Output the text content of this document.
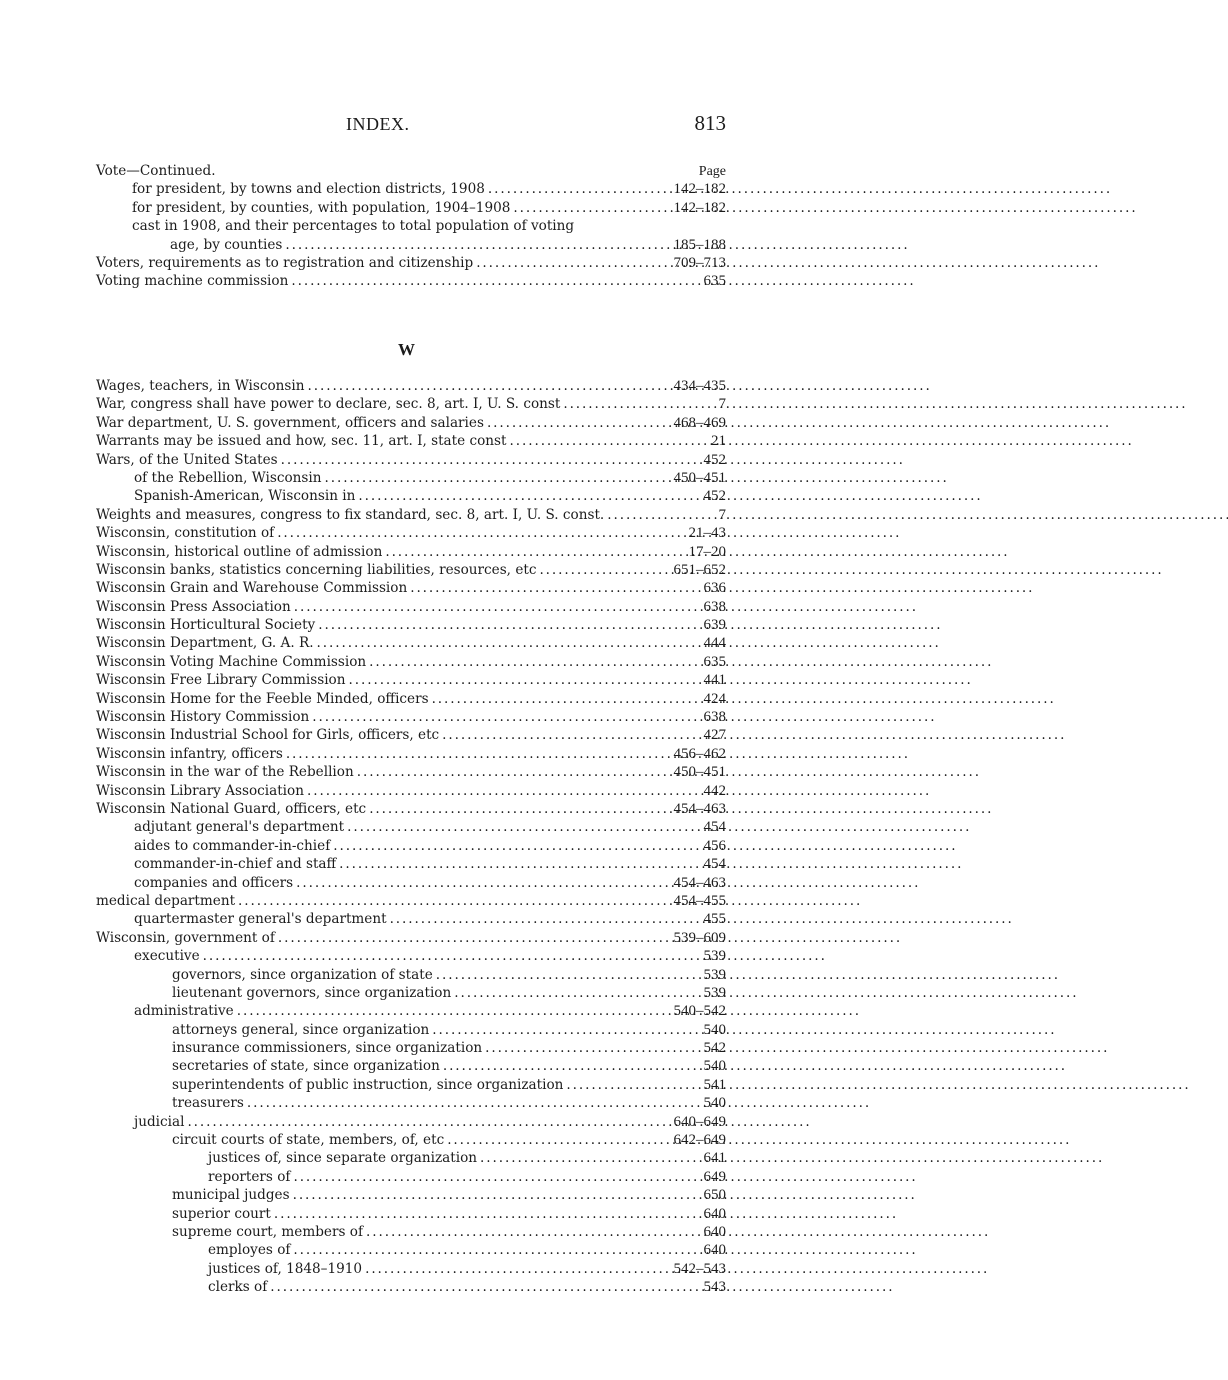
INDEX.	813
Vote—Continued.	Page
for president, by towns and election districts, 1908 . . .	142–182
for president, by counties, with population, 1904–1908 . . .	142–182
cast in 1908, and their percentages to total population of voting
age, by counties . . .	185–188
Voters, requirements as to registration and citizenship . . .	709–713
Voting machine commission . . .	635
W
Wages, teachers, in Wisconsin . . .	434–435
War, congress shall have power to declare, sec. 8, art. I, U. S. const . . .	7
War department, U. S. government, officers and salaries . . .	468–469
Warrants may be issued and how, sec. 11, art. I, state const . . .	21
Wars, of the United States . . .	452
of the Rebellion, Wisconsin . . .	450–451
Spanish-American, Wisconsin in . . .	452
Weights and measures, congress to fix standard, sec. 8, art. I, U. S. const. . . .	7
Wisconsin, constitution of . . .	21–43
Wisconsin, historical outline of admission . . .	17–20
Wisconsin banks, statistics concerning liabilities, resources, etc . . .	651–652
Wisconsin Grain and Warehouse Commission . . .	636
Wisconsin Press Association . . .	638
Wisconsin Horticultural Society . . .	639
Wisconsin Department, G. A. R. . . .	444
Wisconsin Voting Machine Commission . . .	635
Wisconsin Free Library Commission . . .	441
Wisconsin Home for the Feeble Minded, officers . . .	424
Wisconsin History Commission . . .	638
Wisconsin Industrial School for Girls, officers, etc . . .	427
Wisconsin infantry, officers . . .	456–462
Wisconsin in the war of the Rebellion . . .	450–451
Wisconsin Library Association . . .	442
Wisconsin National Guard, officers, etc . . .	454–463
adjutant general's department . . .	454
aides to commander-in-chief . . .	456
commander-in-chief and staff . . .	454
companies and officers . . .	454–463
medical department . . .	454–455
quartermaster general's department . . .	455
Wisconsin, government of . . .	539–609
executive . . .	539
governors, since organization of state . . .	539
lieutenant governors, since organization . . .	539
administrative . . .	540–542
attorneys general, since organization . . .	540
insurance commissioners, since organization . . .	542
secretaries of state, since organization . . .	540
superintendents of public instruction, since organization . . .	541
treasurers . . .	540
judicial . . .	640–649
circuit courts of state, members, of, etc . . .	642–649
justices of, since separate organization . . .	641
reporters of . . .	649
municipal judges . . .	650
superior court . . .	640
supreme court, members of . . .	640
employes of . . .	640
justices of, 1848–1910 . . .	542–543
clerks of . . .	543
